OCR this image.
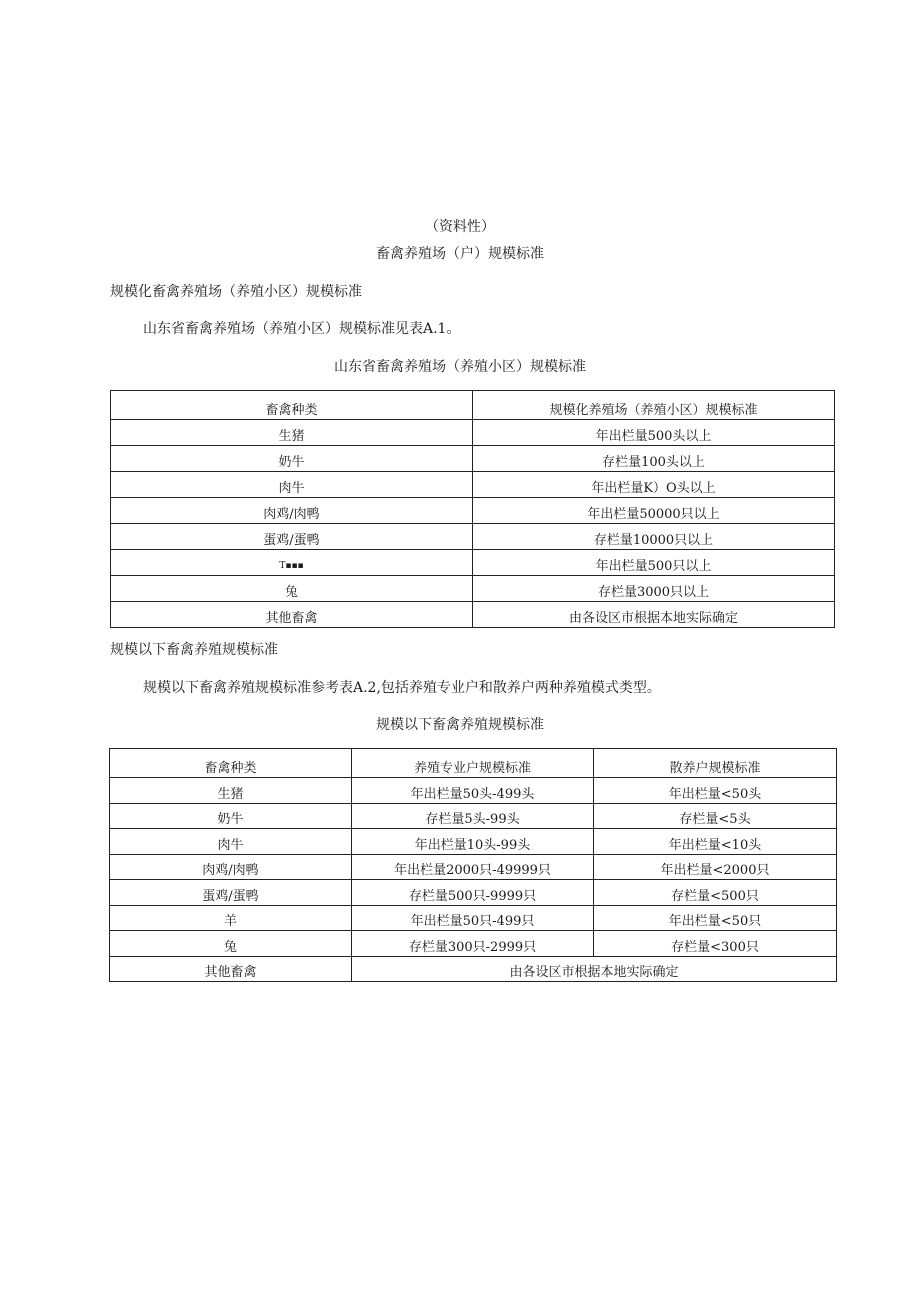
（资料性）
畜禽养殖场（户）规模标准
规模化畜禽养殖场（养殖小区）规模标准
山东省畜禽养殖场（养殖小区）规模标准见表A.1。
山东省畜禽养殖场（养殖小区）规模标准
畜禽种类	规模化养殖场（养殖小区）规模标准
生猪	年出栏量500头以上
奶牛	存栏量100头以上
肉牛	年出栏量K）O头以上
肉鸡/肉鸭	年出栏量50000只以上
蛋鸡/蛋鸭	存栏量10000只以上
T▪▪▪	年出栏量500只以上
兔	存栏量3000只以上
其他畜禽	由各设区市根据本地实际确定
规模以下畜禽养殖规模标准
规模以下畜禽养殖规模标准参考表A.2,包括养殖专业户和散养户两种养殖模式类型。
规模以下畜禽养殖规模标准
畜禽种类	养殖专业户规模标准	散养户规模标准
生猪	年出栏量50头-499头	年出栏量<50头
奶牛	存栏量5头-99头	存栏量<5头
肉牛	年出栏量10头-99头	年出栏量<10头
肉鸡/肉鸭	年出栏量2000只-49999只	年出栏量<2000只
蛋鸡/蛋鸭	存栏量500只-9999只	存栏量<500只
羊	年出栏量50只-499只	年出栏量<50只
兔	存栏量300只-2999只	存栏量<300只
其他畜禽	由各设区市根据本地实际确定	
